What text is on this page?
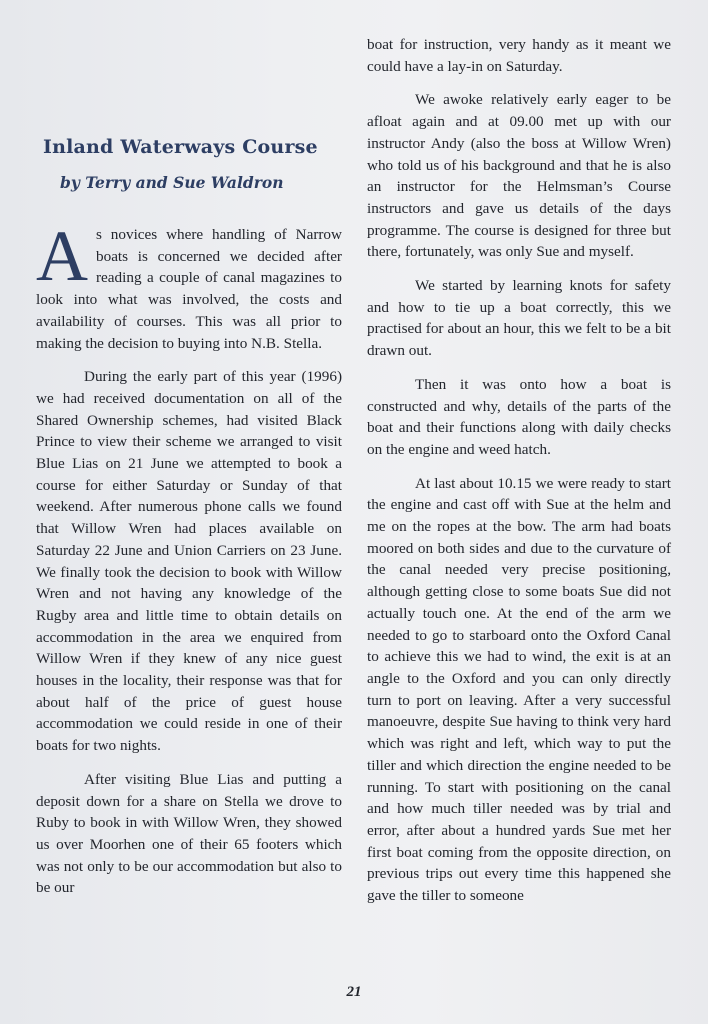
Inland Waterways Course
by Terry and Sue Waldron

As novices where handling of Narrow boats is concerned we decided after reading a couple of canal magazines to look into what was involved, the costs and availability of courses. This was all prior to making the decision to buying into N.B. Stella.

During the early part of this year (1996) we had received documentation on all of the Shared Ownership schemes, had visited Black Prince to view their scheme we arranged to visit Blue Lias on 21 June we attempted to book a course for either Saturday or Sunday of that weekend. After numerous phone calls we found that Willow Wren had places available on Saturday 22 June and Union Carriers on 23 June. We finally took the decision to book with Willow Wren and not having any knowledge of the Rugby area and little time to obtain details on accommodation in the area we enquired from Willow Wren if they knew of any nice guest houses in the locality, their response was that for about half of the price of guest house accommodation we could reside in one of their boats for two nights.

After visiting Blue Lias and putting a deposit down for a share on Stella we drove to Ruby to book in with Willow Wren, they showed us over Moorhen one of their 65 footers which was not only to be our accommodation but also to be our

boat for instruction, very handy as it meant we could have a lay-in on Saturday.

We awoke relatively early eager to be afloat again and at 09.00 met up with our instructor Andy (also the boss at Willow Wren) who told us of his background and that he is also an instructor for the Helmsman’s Course instructors and gave us details of the days programme. The course is designed for three but there, fortunately, was only Sue and myself.

We started by learning knots for safety and how to tie up a boat correctly, this we practised for about an hour, this we felt to be a bit drawn out.

Then it was onto how a boat is constructed and why, details of the parts of the boat and their functions along with daily checks on the engine and weed hatch.

At last about 10.15 we were ready to start the engine and cast off with Sue at the helm and me on the ropes at the bow. The arm had boats moored on both sides and due to the curvature of the canal needed very precise positioning, although getting close to some boats Sue did not actually touch one. At the end of the arm we needed to go to starboard onto the Oxford Canal to achieve this we had to wind, the exit is at an angle to the Oxford and you can only directly turn to port on leaving. After a very successful manoeuvre, despite Sue having to think very hard which was right and left, which way to put the tiller and which direction the engine needed to be running. To start with positioning on the canal and how much tiller needed was by trial and error, after about a hundred yards Sue met her first boat coming from the opposite direction, on previous trips out every time this happened she gave the tiller to someone

21
